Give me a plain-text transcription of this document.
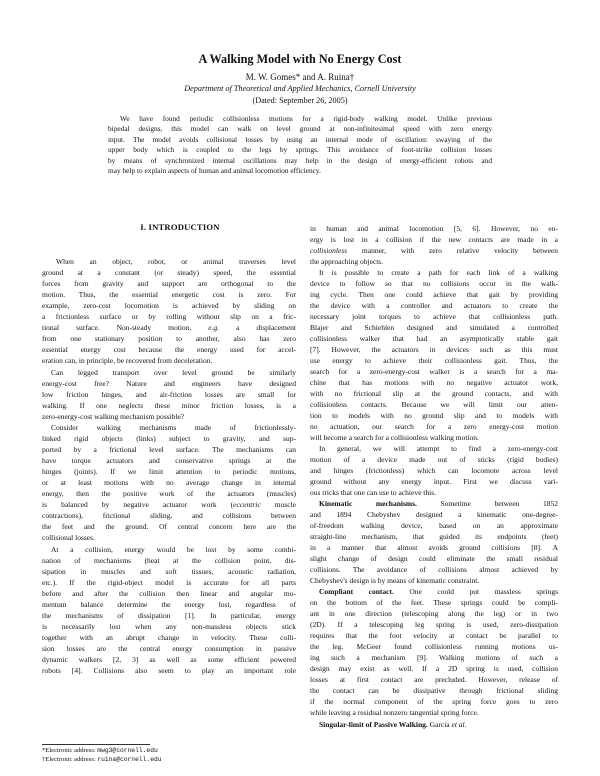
A Walking Model with No Energy Cost
M. W. Gomes* and A. Ruina†
Department of Theoretical and Applied Mechanics, Cornell University
(Dated: September 26, 2005)
We have found periodic collisionless motions for a rigid-body walking model. Unlike previous
bipedal designs, this model can walk on level ground at non-infinitesimal speed with zero energy
input. The model avoids collisional losses by using an internal mode of oscillation: swaying of the
upper body which is coupled to the legs by springs. This avoidance of foot-strike collision losses
by means of synchronized internal oscillations may help in the design of energy-efficient robots and
may help to explain aspects of human and animal locomotion efficiency.
I. INTRODUCTION
When an object, robot, or animal traverses level
ground at a constant (or steady) speed, the essential
forces from gravity and support are orthogonal to the
motion. Thus, the essential energetic cost is zero. For
example, zero-cost locomotion is achieved by sliding on
a frictionless surface or by rolling without slip on a fric-
tional surface. Non-steady motion, e.g. a displacement
from one stationary position to another, also has zero
essential energy cost because the energy used for accel-
eration can, in principle, be recovered from deceleration.
Can legged transport over level ground be similarly
energy-cost free? Nature and engineers have designed
low friction hinges, and air-friction losses are small for
walking. If one neglects these minor friction losses, is a
zero-energy-cost walking mechanism possible?
Consider walking mechanisms made of frictionlessly-
linked rigid objects (links) subject to gravity, and sup-
ported by a frictional level surface. The mechanisms can
have torque actuators and conservative springs at the
hinges (joints). If we limit attention to periodic motions,
or at least motions with no average change in internal
energy, then the positive work of the actuators (muscles)
is balanced by negative actuator work (eccentric muscle
contractions), frictional sliding, and collisions between
the feet and the ground. Of central concern here are the
collisional losses.
At a collision, energy would be lost by some combi-
nation of mechanisms (heat at the collision point, dis-
sipation in muscles and soft tissues, acoustic radiation,
etc.). If the rigid-object model is accurate for all parts
before and after the collision then linear and angular mo-
mentum balance determine the energy lost, regardless of
the mechanisms of dissipation [1]. In particular, energy
is necessarily lost when any non-massless objects stick
together with an abrupt change in velocity. These colli-
sion losses are the central energy consumption in passive
dynamic walkers [2, 3] as well as some efficient powered
robots [4]. Collisions also seem to play an important role
in human and animal locomotion [5, 6]. However, no en-
ergy is lost in a collision if the new contacts are made in a
collisionless manner, with zero relative velocity between
the approaching objects.
It is possible to create a path for each link of a walking
device to follow so that no collisions occur in the walk-
ing cycle. Then one could achieve that gait by providing
the device with a controller and actuators to create the
necessary joint torques to achieve that collisionless path.
Blajer and Schiehlen designed and simulated a controlled
collisionless walker that had an asymptotically stable gait
[7]. However, the actuators in devices such as this must
use energy to achieve their collisionless gait. Thus, the
search for a zero-energy-cost walker is a search for a ma-
chine that has motions with no negative actuator work,
with no frictional slip at the ground contacts, and with
collisionless contacts. Because we will limit our atten-
tion to models with no ground slip and to models with
no actuation, our search for a zero energy-cost motion
will become a search for a collisionless walking motion.
In general, we will attempt to find a zero-energy-cost
motion of a device made out of sticks (rigid bodies)
and hinges (frictionless) which can locomote across level
ground without any energy input. First we discuss vari-
ous tricks that one can use to achieve this.
Kinematic mechanisms. Sometime between 1852
and 1894 Chebyshev designed a kinematic one-degree-
of-freedom walking device, based on an approximate
straight-line mechanism, that guided its endpoints (feet)
in a manner that almost avoids ground collisions [8]. A
slight change of design could eliminate the small residual
collisions. The avoidance of collisions almost achieved by
Chebyshev's design is by means of kinematic constraint.
Compliant contact. One could put massless springs
on the bottom of the feet. These springs could be compli-
ant in one direction (telescoping along the leg) or in two
(2D). If a telescoping leg spring is used, zero-dissipation
requires that the foot velocity at contact be parallel to
the leg. McGeer found collisionless running motions us-
ing such a mechanism [9]. Walking motions of such a
design may exist as well. If a 2D spring is used, collision
losses at first contact are precluded. However, release of
the contact can be dissipative through frictional sliding
if the normal component of the spring force goes to zero
while leaving a residual nonzero tangential spring force.
Singular-limit of Passive Walking. Garcia et al.
*Electronic address: mwg3@cornell.edu
†Electronic address: ruina@cornell.edu
